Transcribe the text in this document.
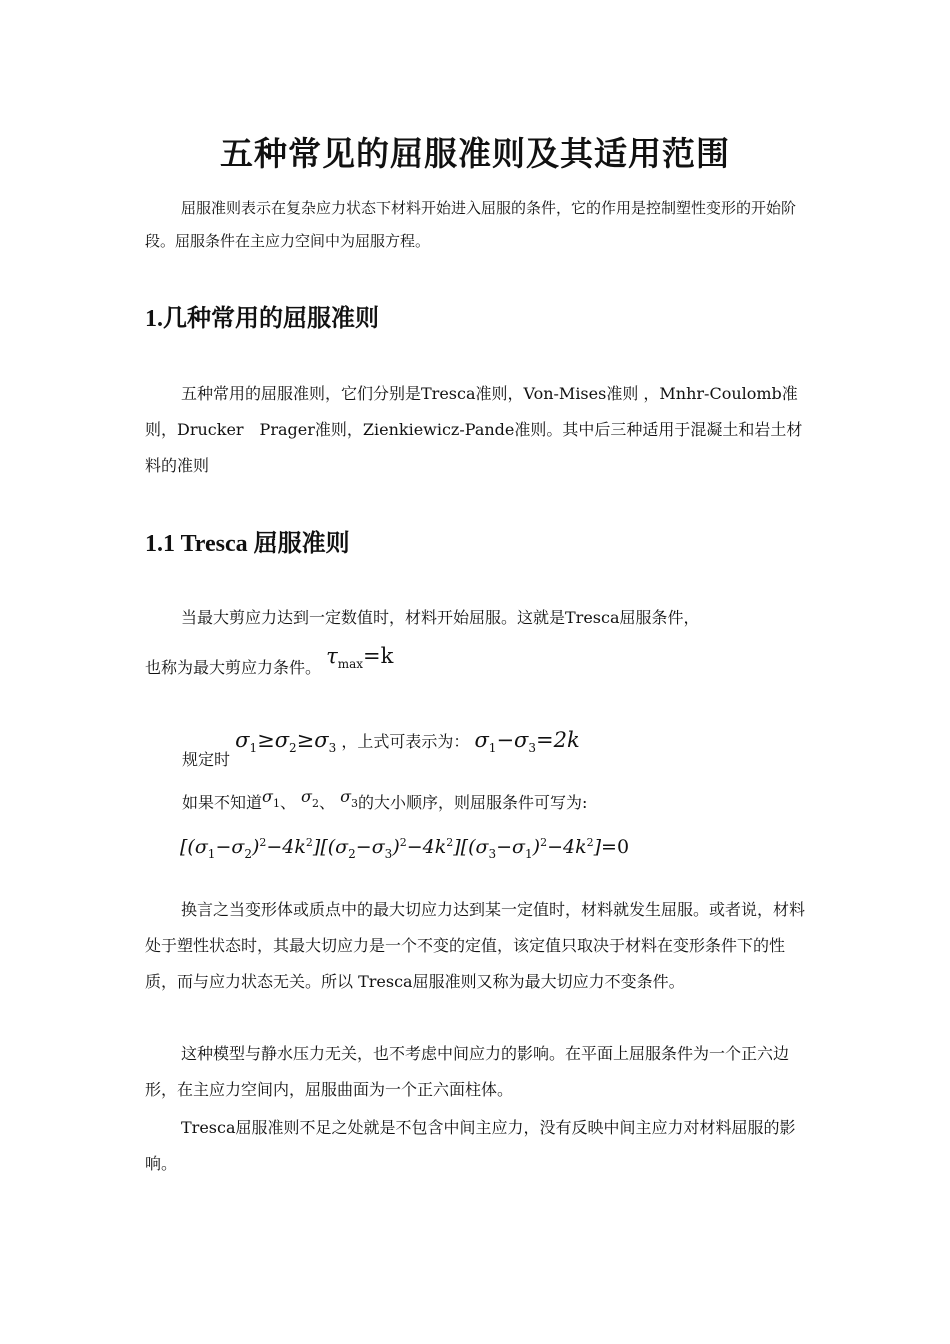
五种常见的屈服准则及其适用范围

屈服准则表示在复杂应力状态下材料开始进入屈服的条件，它的作用是控制塑性变形的开始阶段。屈服条件在主应力空间中为屈服方程。

1.几种常用的屈服准则

五种常用的屈服准则，它们分别是Tresca准则，Von-Mises准则 ，Mnhr-Coulomb准则，Drucker　Prager准则，Zienkiewicz-Pande准则。其中后三种适用于混凝土和岩土材料的准则

1.1 Tresca 屈服准则

当最大剪应力达到一定数值时，材料开始屈服。这就是Tresca屈服条件，

也称为最大剪应力条件。 $\tau_{max}=k$
规定时 $\sigma_1\ge\sigma_2\ge\sigma_3$ ，上式可表示为： $\sigma_1-\sigma_3=2k$
如果不知道$\sigma_1$、 $\sigma_2$、 $\sigma_3$的大小顺序，则屈服条件可写为:
$[(\sigma_1-\sigma_2)^2-4k^2][(\sigma_2-\sigma_3)^2-4k^2][(\sigma_3-\sigma_1)^2-4k^2]=0$

换言之当变形体或质点中的最大切应力达到某一定值时，材料就发生屈服。或者说，材料处于塑性状态时，其最大切应力是一个不变的定值，该定值只取决于材料在变形条件下的性质，而与应力状态无关。所以 Tresca屈服准则又称为最大切应力不变条件。

这种模型与静水压力无关，也不考虑中间应力的影响。在平面上屈服条件为一个正六边形，在主应力空间内，屈服曲面为一个正六面柱体。

Tresca屈服准则不足之处就是不包含中间主应力，没有反映中间主应力对材料屈服的影响。
